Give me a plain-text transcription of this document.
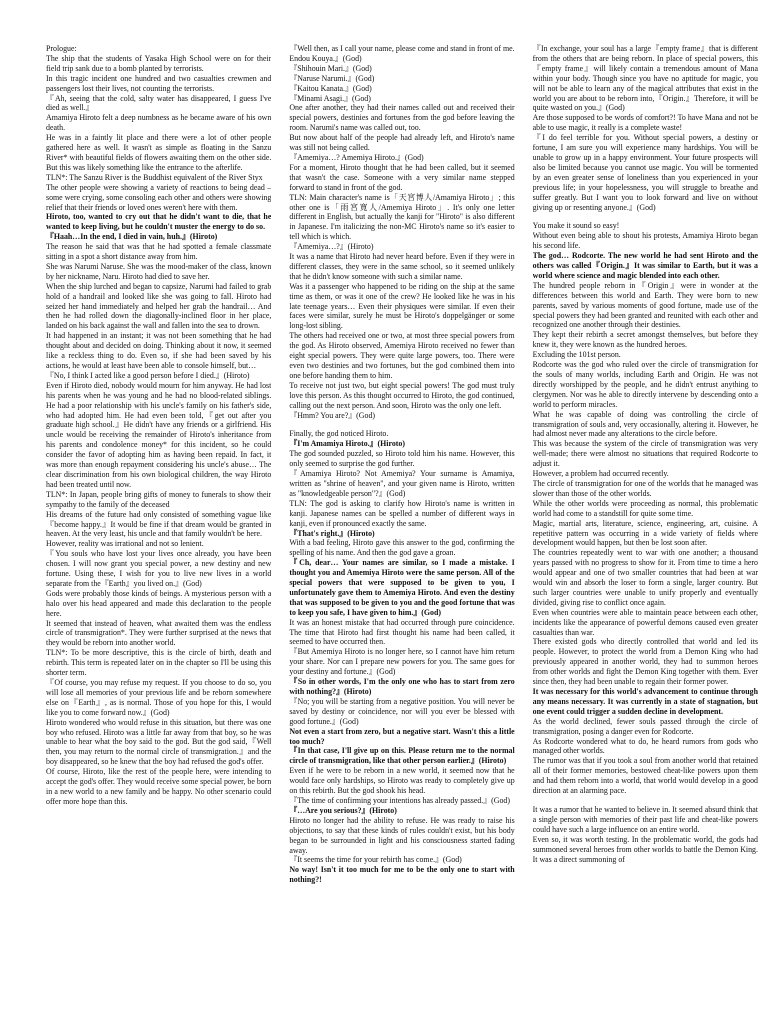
Prologue:

The ship that the students of Yasaka High School were on for their field trip sank due to a bomb planted by terrorists.

In this tragic incident one hundred and two casualties crewmen and passengers lost their lives, not counting the terrorists.

『Ah, seeing that the cold, salty water has disappeared, I guess I've died as well.』

Amamiya Hiroto felt a deep numbness as he became aware of his own death.

He was in a faintly lit place and there were a lot of other people gathered here as well. It wasn't as simple as floating in the Sanzu River* with beautiful fields of flowers awaiting them on the other side. But this was likely something like the entrance to the afterlife.

TLN*: The Sanzu River is the Buddhist equivalent of the River Styx

The other people were showing a variety of reactions to being dead – some were crying, some consoling each other and others were showing relief that their friends or loved ones weren't here with them.

Hiroto, too, wanted to cry out that he didn't want to die, that he wanted to keep living, but he couldn't muster the energy to do so.

『Haah…In the end, I died in vain, huh.』(Hiroto)

The reason he said that was that he had spotted a female classmate sitting in a spot a short distance away from him.

She was Narumi Naruse. She was the mood-maker of the class, known by her nickname, Naru. Hiroto had died to save her.

When the ship lurched and began to capsize, Narumi had failed to grab hold of a handrail and looked like she was going to fall. Hiroto had seized her hand immediately and helped her grab the handrail… And then he had rolled down the diagonally-inclined floor in her place, landed on his back against the wall and fallen into the sea to drown.

It had happened in an instant; it was not been something that he had thought about and decided on doing. Thinking about it now, it seemed like a reckless thing to do. Even so, if she had been saved by his actions, he would at least have been able to console himself, but…

『No, I think I acted like a good person before I died.』(Hiroto)

Even if Hiroto died, nobody would mourn for him anyway. He had lost his parents when he was young and he had no blood-related siblings. He had a poor relationship with his uncle's family on his father's side, who had adopted him. He had even been told,『get out after you graduate high school.』He didn't have any friends or a girlfriend. His uncle would be receiving the remainder of Hiroto's inheritance from his parents and condolence money* for this incident, so he could consider the favor of adopting him as having been repaid. In fact, it was more than enough repayment considering his uncle's abuse… The clear discrimination from his own biological children, the way Hiroto had been treated until now.

TLN*: In Japan, people bring gifts of money to funerals to show their sympathy to the family of the deceased

His dreams of the future had only consisted of something vague like『become happy.』It would be fine if that dream would be granted in heaven. At the very least, his uncle and that family wouldn't be here.

However, reality was irrational and not so lenient.

『You souls who have lost your lives once already, you have been chosen. I will now grant you special power, a new destiny and new fortune. Using these, I wish for you to live new lives in a world separate from the『Earth』you lived on.』(God)

Gods were probably those kinds of beings. A mysterious person with a halo over his head appeared and made this declaration to the people here.

It seemed that instead of heaven, what awaited them was the endless circle of transmigration*. They were further surprised at the news that they would be reborn into another world.

TLN*: To be more descriptive, this is the circle of birth, death and rebirth. This term is repeated later on in the chapter so I'll be using this shorter term.

『Of course, you may refuse my request. If you choose to do so, you will lose all memories of your previous life and be reborn somewhere else on『Earth』, as is normal. Those of you hope for this, I would like you to come forward now.』(God)

Hiroto wondered who would refuse in this situation, but there was one boy who refused. Hiroto was a little far away from that boy, so he was unable to hear what the boy said to the god. But the god said,『Well then, you may return to the normal circle of transmigration.』and the boy disappeared, so he knew that the boy had refused the god's offer.

Of course, Hiroto, like the rest of the people here, were intending to accept the god's offer. They would receive some special power, be born in a new world to a new family and be happy. No other scenario could offer more hope than this.

『Well then, as I call your name, please come and stand in front of me. Endou Kouya.』(God)

『Shihouin Mari.』(God)

『Naruse Narumi.』(God)

『Kaitou Kanata.』(God)

『Minami Asagi.』(God)

One after another, they had their names called out and received their special powers, destinies and fortunes from the god before leaving the room. Narumi's name was called out, too.

But now about half of the people had already left, and Hiroto's name was still not being called.

『Amemiya…? Amemiya Hiroto.』(God)

For a moment, Hiroto thought that he had been called, but it seemed that wasn't the case. Someone with a very similar name stepped forward to stand in front of the god.

TLN: Main character's name is「天宮博人/Amamiya Hiroto」; this other one is「雨宮寛人/Amemiya Hiroto」. It's only one letter different in English, but actually the kanji for "Hiroto" is also different in Japanese. I'm italicizing the non-MC Hiroto's name so it's easier to tell which is which.

『Amemiya…?』(Hiroto)

It was a name that Hiroto had never heard before. Even if they were in different classes, they were in the same school, so it seemed unlikely that he didn't know someone with such a similar name.

Was it a passenger who happened to be riding on the ship at the same time as them, or was it one of the crew? He looked like he was in his late teenage years… Even their physiques were similar. If even their faces were similar, surely he must be Hiroto's doppelgänger or some long-lost sibling.

The others had received one or two, at most three special powers from the god. As Hiroto observed, Amemiya Hiroto received no fewer than eight special powers. They were quite large powers, too. There were even two destinies and two fortunes, but the god combined them into one before handing them to him.

To receive not just two, but eight special powers! The god must truly love this person. As this thought occurred to Hiroto, the god continued, calling out the next person. And soon, Hiroto was the only one left.

『Hmm? You are?』(God)

Finally, the god noticed Hiroto.

『I'm Amamiya Hiroto.』(Hiroto)

The god sounded puzzled, so Hiroto told him his name. However, this only seemed to surprise the god further.

『Amamiya Hiroto? Not Amemiya? Your surname is Amamiya, written as "shrine of heaven", and your given name is Hiroto, written as "knowledgeable person"?』(God)

TLN: The god is asking to clarify how Hiroto's name is written in kanji. Japanese names can be spelled a number of different ways in kanji, even if pronounced exactly the same.

『That's right.』(Hiroto)

With a bad feeling, Hiroto gave this answer to the god, confirming the spelling of his name. And then the god gave a groan.

『Ch, dear… Your names are similar, so I made a mistake. I thought you and Amemiya Hiroto were the same person. All of the special powers that were supposed to be given to you, I unfortunately gave them to Amemiya Hiroto. And even the destiny that was supposed to be given to you and the good fortune that was to keep you safe, I have given to him.』(God)

It was an honest mistake that had occurred through pure coincidence. The time that Hiroto had first thought his name had been called, it seemed to have occurred then.

『But Amemiya Hiroto is no longer here, so I cannot have him return your share. Nor can I prepare new powers for you. The same goes for your destiny and fortune.』(God)

『So in other words, I'm the only one who has to start from zero with nothing?』(Hiroto)

『No; you will be starting from a negative position. You will never be saved by destiny or coincidence, nor will you ever be blessed with good fortune.』(God)

Not even a start from zero, but a negative start. Wasn't this a little too much?

『In that case, I'll give up on this. Please return me to the normal circle of transmigration, like that other person earlier.』(Hiroto)

Even if he were to be reborn in a new world, it seemed now that he would face only hardships, so Hiroto was ready to completely give up on this rebirth. But the god shook his head.

『The time of confirming your intentions has already passed.』(God)

『…Are you serious?』(Hiroto)

Hiroto no longer had the ability to refuse. He was ready to raise his objections, to say that these kinds of rules couldn't exist, but his body began to be surrounded in light and his consciousness started fading away.

『It seems the time for your rebirth has come.』(God)

No way! Isn't it too much for me to be the only one to start with nothing?!

『In exchange, your soul has a large『empty frame』that is different from the others that are being reborn. In place of special powers, this『empty frame』will likely contain a tremendous amount of Mana within your body. Though since you have no aptitude for magic, you will not be able to learn any of the magical attributes that exist in the world you are about to be reborn into,『Origin.』Therefore, it will be quite wasted on you.』(God)

Are those supposed to be words of comfort?! To have Mana and not be able to use magic, it really is a complete waste!

『I do feel terrible for you. Without special powers, a destiny or fortune, I am sure you will experience many hardships. You will be unable to grow up in a happy environment. Your future prospects will also be limited because you cannot use magic. You will be tormented by an even greater sense of loneliness than you experienced in your previous life; in your hopelessness, you will struggle to breathe and suffer greatly. But I want you to look forward and live on without giving up or resenting anyone.』(God)

You make it sound so easy!

Without even being able to shout his protests, Amamiya Hiroto began his second life.

The god… Rodcorte. The new world he had sent Hiroto and the others was called『Origin.』It was similar to Earth, but it was a world where science and magic blended into each other.

The hundred people reborn in『Origin』were in wonder at the differences between this world and Earth. They were born to new parents, saved by various moments of good fortune, made use of the special powers they had been granted and reunited with each other and recognized one another through their destinies.

They kept their rebirth a secret amongst themselves, but before they knew it, they were known as the hundred heroes.

Excluding the 101st person.

Rodcorte was the god who ruled over the circle of transmigration for the souls of many worlds, including Earth and Origin. He was not directly worshipped by the people, and he didn't entrust anything to clergymen. Nor was he able to directly intervene by descending onto a world to perform miracles.

What he was capable of doing was controlling the circle of transmigration of souls and, very occasionally, altering it. However, he had almost never made any alterations to the circle before.

This was because the system of the circle of transmigration was very well-made; there were almost no situations that required Rodcorte to adjust it.

However, a problem had occurred recently.

The circle of transmigration for one of the worlds that he managed was slower than those of the other worlds.

While the other worlds were proceeding as normal, this problematic world had come to a standstill for quite some time.

Magic, martial arts, literature, science, engineering, art, cuisine. A repetitive pattern was occurring in a wide variety of fields where development would happen, but then be lost soon after.

The countries repeatedly went to war with one another; a thousand years passed with no progress to show for it. From time to time a hero would appear and one of two smaller countries that had been at war would win and absorb the loser to form a single, larger country. But such larger countries were unable to unify properly and eventually divided, giving rise to conflict once again.

Even when countries were able to maintain peace between each other, incidents like the appearance of powerful demons caused even greater casualties than war.

There existed gods who directly controlled that world and led its people. However, to protect the world from a Demon King who had previously appeared in another world, they had to summon heroes from other worlds and fight the Demon King together with them. Ever since then, they had been unable to regain their former power.

It was necessary for this world's advancement to continue through any means necessary. It was currently in a state of stagnation, but one event could trigger a sudden decline in development.

As the world declined, fewer souls passed through the circle of transmigration, posing a danger even for Rodcorte.

As Rodcorte wondered what to do, he heard rumors from gods who managed other worlds.

The rumor was that if you took a soul from another world that retained all of their former memories, bestowed cheat-like powers upon them and had them reborn into a world, that world would develop in a good direction at an alarming pace.

It was a rumor that he wanted to believe in. It seemed absurd think that a single person with memories of their past life and cheat-like powers could have such a large influence on an entire world.

Even so, it was worth testing. In the problematic world, the gods had summoned several heroes from other worlds to battle the Demon King. It was a direct summoning of
